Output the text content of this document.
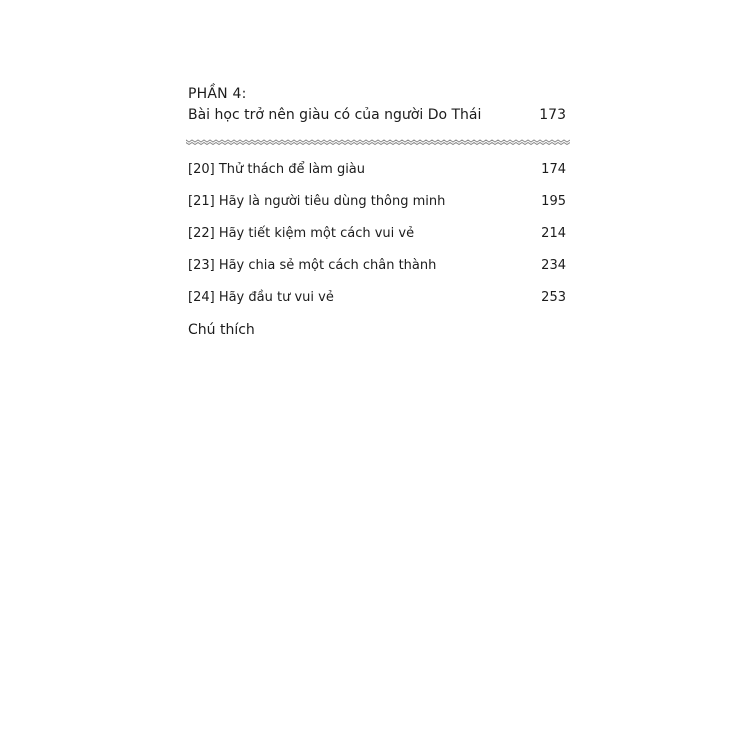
PHẦN 4:
Bài học trở nên giàu có của người Do Thái	173
[20] Thử thách để làm giàu	174
[21] Hãy là người tiêu dùng thông minh	195
[22] Hãy tiết kiệm một cách vui vẻ	214
[23] Hãy chia sẻ một cách chân thành	234
[24] Hãy đầu tư vui vẻ	253
Chú thích
